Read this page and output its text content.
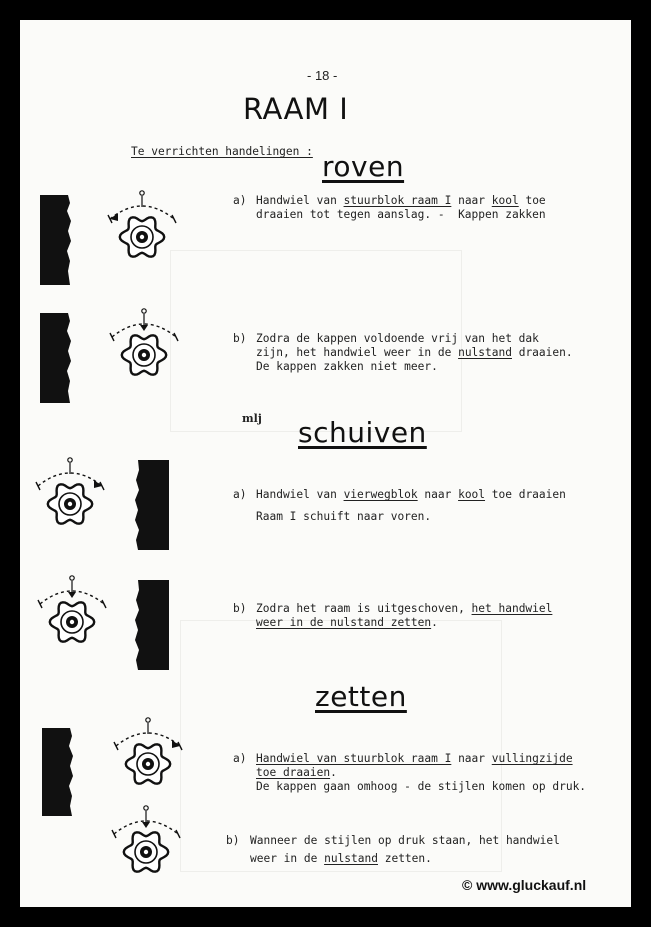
- 18 -
RAAM I
Te verrichten handelingen : roven
mlj schuiven
zetten
a)
b)
a)
b)
a)
b)
Handwiel van stuurblok raam I naar kool toe
draaien tot tegen aanslag. -  Kappen zakken
Zodra de kappen voldoende vrij van het dak
zijn, het handwiel weer in de nulstand draaien.
De kappen zakken niet meer.
Handwiel van vierwegblok naar kool toe draaien
Raam I schuift naar voren.
Zodra het raam is uitgeschoven, het handwiel
weer in de nulstand zetten.
Handwiel van stuurblok raam I naar vullingzijde
toe draaien.
De kappen gaan omhoog - de stijlen komen op druk.
Wanneer de stijlen op druk staan, het handwiel
weer in de nulstand zetten.
© www.gluckauf.nl
